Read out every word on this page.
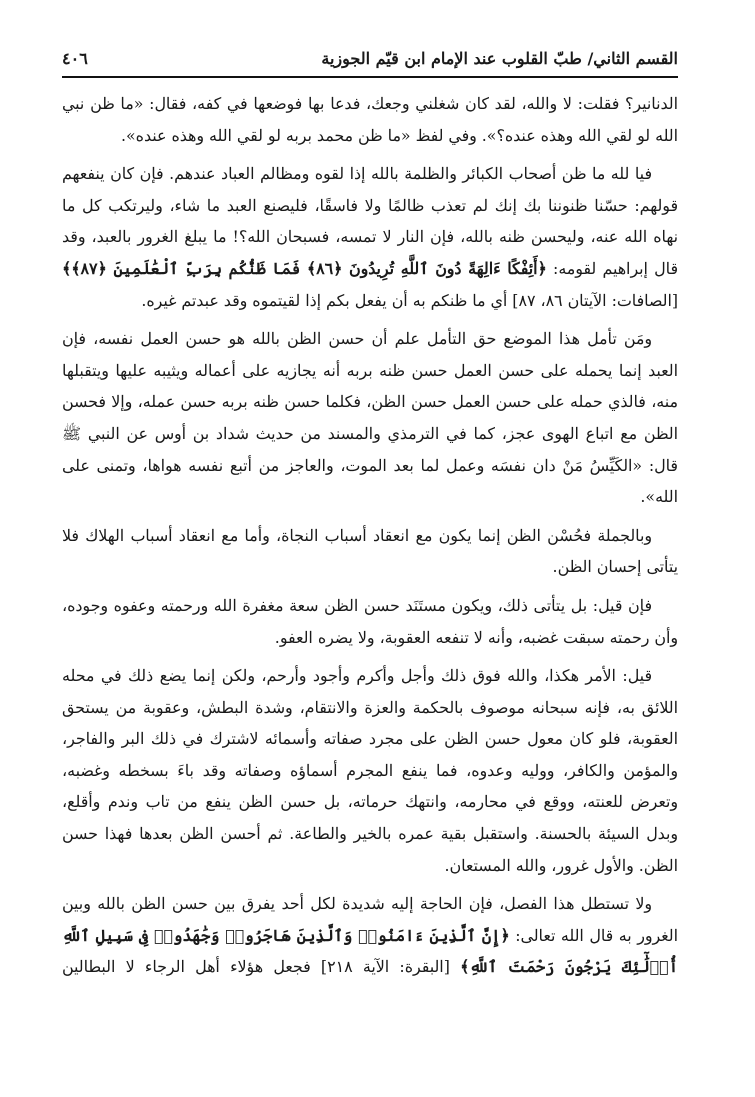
القسم الثاني/ طبّ القلوب عند الإمام ابن قيّم الجوزية
٤٠٦

الدنانير؟ فقلت: لا والله، لقد كان شغلني وجعك، فدعا بها فوضعها في كفه، فقال: «ما ظن نبي الله لو لقي الله وهذه عنده؟». وفي لفظ «ما ظن محمد بربه لو لقي الله وهذه عنده».

فيا لله ما ظن أصحاب الكبائر والظلمة بالله إذا لقوه ومظالم العباد عندهم. فإن كان ينفعهم قولهم: حسّنا ظنوننا بك إنك لم تعذب ظالمًا ولا فاسقًا، فليصنع العبد ما شاء، وليرتكب كل ما نهاه الله عنه، وليحسن ظنه بالله، فإن النار لا تمسه، فسبحان الله؟! ما يبلغ الغرور بالعبد، وقد قال إبراهيم لقومه: ﴿أَئِفْكًا ءَالِهَةً دُونَ ٱللَّهِ تُرِيدُونَ ﴿٨٦﴾ فَمَا ظَنُّكُم بِرَبِّ ٱلْعَٰلَمِينَ ﴿٨٧﴾﴾ [الصافات: الآيتان ٨٦، ٨٧] أي ما ظنكم به أن يفعل بكم إذا لقيتموه وقد عبدتم غيره.

ومَن تأمل هذا الموضع حق التأمل علم أن حسن الظن بالله هو حسن العمل نفسه، فإن العبد إنما يحمله على حسن العمل حسن ظنه بربه أنه يجازيه على أعماله ويثيبه عليها ويتقبلها منه، فالذي حمله على حسن العمل حسن الظن، فكلما حسن ظنه بربه حسن عمله، وإلا فحسن الظن مع اتباع الهوى عجز، كما في الترمذي والمسند من حديث شداد بن أوس عن النبي ﷺ قال: «الكَيِّسُ مَنْ دان نفسَه وعمل لما بعد الموت، والعاجز من أتبع نفسه هواها، وتمنى على الله».

وبالجملة فحُسْن الظن إنما يكون مع انعقاد أسباب النجاة، وأما مع انعقاد أسباب الهلاك فلا يتأتى إحسان الظن.

فإن قيل: بل يتأتى ذلك، ويكون مستَنَد حسن الظن سعة مغفرة الله ورحمته وعفوه وجوده، وأن رحمته سبقت غضبه، وأنه لا تنفعه العقوبة، ولا يضره العفو.

قيل: الأمر هكذا، والله فوق ذلك وأجل وأكرم وأجود وأرحم، ولكن إنما يضع ذلك في محله اللائق به، فإنه سبحانه موصوف بالحكمة والعزة والانتقام، وشدة البطش، وعقوبة من يستحق العقوبة، فلو كان معول حسن الظن على مجرد صفاته وأسمائه لاشترك في ذلك البر والفاجر، والمؤمن والكافر، ووليه وعدوه، فما ينفع المجرم أسماؤه وصفاته وقد باءَ بسخطه وغضبه، وتعرض للعنته، ووقع في محارمه، وانتهك حرماته، بل حسن الظن ينفع من تاب وندم وأقلع، وبدل السيئة بالحسنة. واستقبل بقية عمره بالخير والطاعة. ثم أحسن الظن بعدها فهذا حسن الظن. والأول غرور، والله المستعان.

ولا تستطل هذا الفصل، فإن الحاجة إليه شديدة لكل أحد يفرق بين حسن الظن بالله وبين الغرور به قال الله تعالى: ﴿إِنَّ ٱلَّذِينَ ءَامَنُوا۟ وَٱلَّذِينَ هَاجَرُوا۟ وَجَٰهَدُوا۟ فِى سَبِيلِ ٱللَّهِ أُو۟لَٰٓئِكَ يَرْجُونَ رَحْمَتَ ٱللَّهِ﴾ [البقرة: الآية ٢١٨] فجعل هؤلاء أهل الرجاء لا البطالين
